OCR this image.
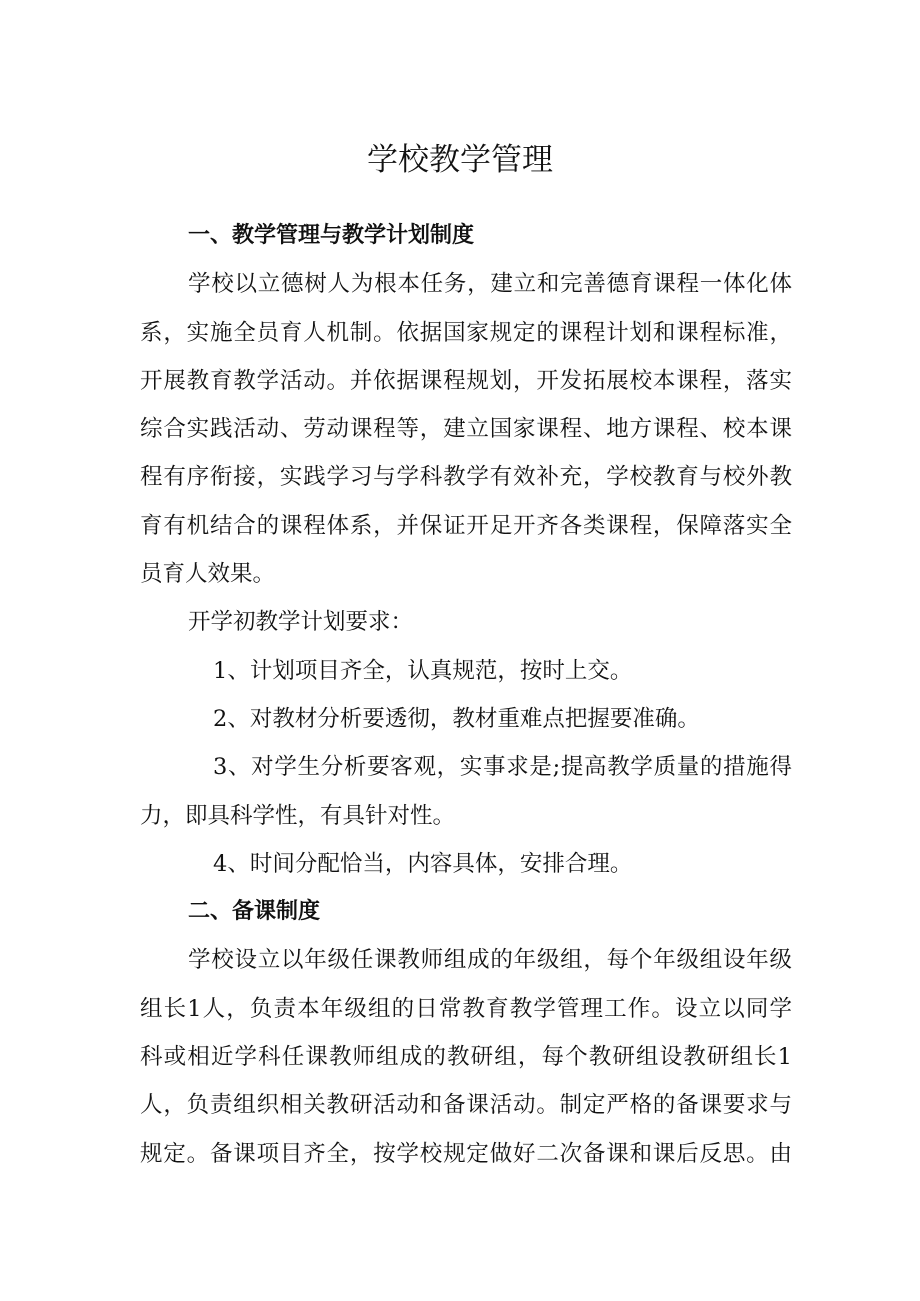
学校教学管理
一、教学管理与教学计划制度
学校以立德树人为根本任务，建立和完善德育课程一体化体
系，实施全员育人机制。依据国家规定的课程计划和课程标准，
开展教育教学活动。并依据课程规划，开发拓展校本课程，落实
综合实践活动、劳动课程等，建立国家课程、地方课程、校本课
程有序衔接，实践学习与学科教学有效补充，学校教育与校外教
育有机结合的课程体系，并保证开足开齐各类课程，保障落实全
员育人效果。
开学初教学计划要求：
1、计划项目齐全，认真规范，按时上交。
2、对教材分析要透彻，教材重难点把握要准确。
3、对学生分析要客观，实事求是;提高教学质量的措施得
力，即具科学性，有具针对性。
4、时间分配恰当，内容具体，安排合理。
二、备课制度
学校设立以年级任课教师组成的年级组，每个年级组设年级
组长1人，负责本年级组的日常教育教学管理工作。设立以同学
科或相近学科任课教师组成的教研组，每个教研组设教研组长1
人，负责组织相关教研活动和备课活动。制定严格的备课要求与
规定。备课项目齐全，按学校规定做好二次备课和课后反思。由
